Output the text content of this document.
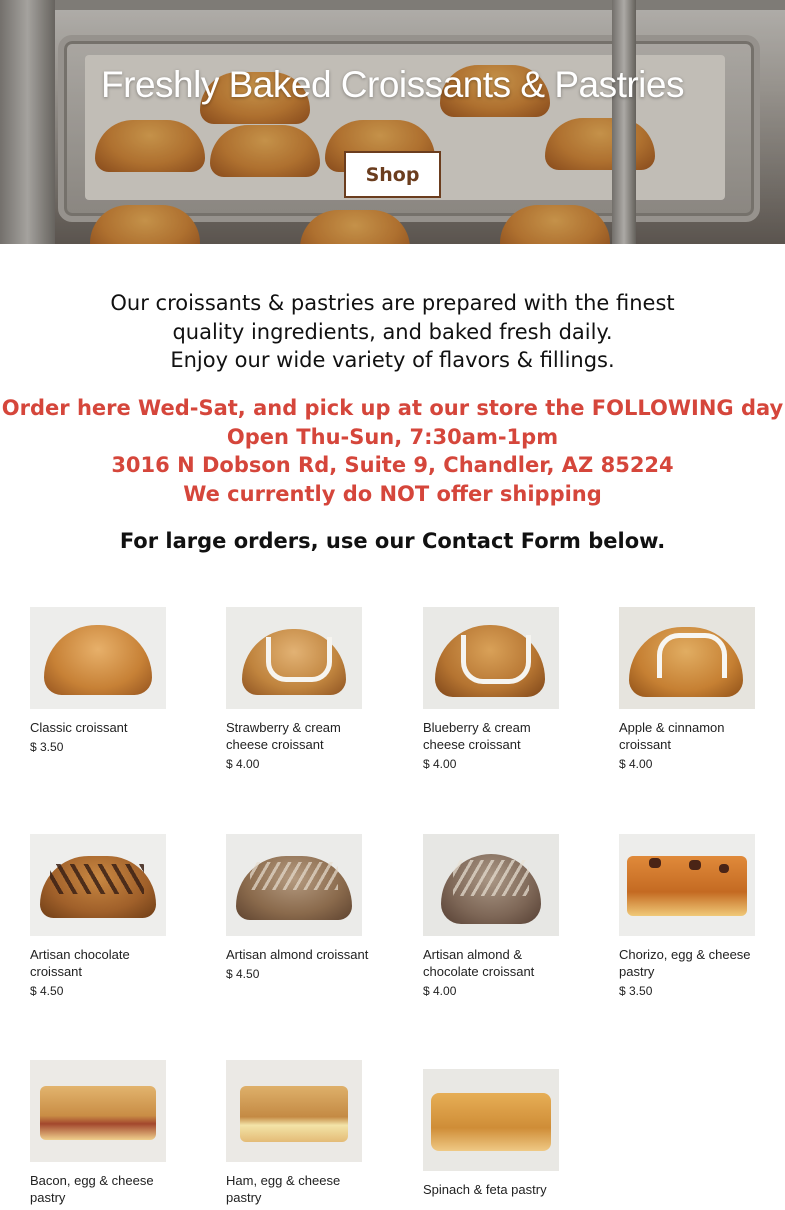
Freshly Baked Croissants & Pastries
Shop

Our croissants & pastries are prepared with the finest

quality ingredients, and baked fresh daily.

Enjoy our wide variety of flavors & fillings.

Order here Wed-Sat, and pick up at our store the FOLLOWING day

Open Thu-Sun, 7:30am-1pm

3016 N Dobson Rd, Suite 9, Chandler, AZ 85224

We currently do NOT offer shipping

For large orders, use our Contact Form below.
Classic croissant
$ 3.50
Strawberry & cream cheese croissant
$ 4.00
Blueberry & cream cheese croissant
$ 4.00
Apple & cinnamon croissant
$ 4.00
Artisan chocolate croissant
$ 4.50
Artisan almond croissant
$ 4.50
Artisan almond & chocolate croissant
$ 4.00
Chorizo, egg & cheese pastry
$ 3.50
Bacon, egg & cheese pastry
Ham, egg & cheese pastry
Spinach & feta pastry
